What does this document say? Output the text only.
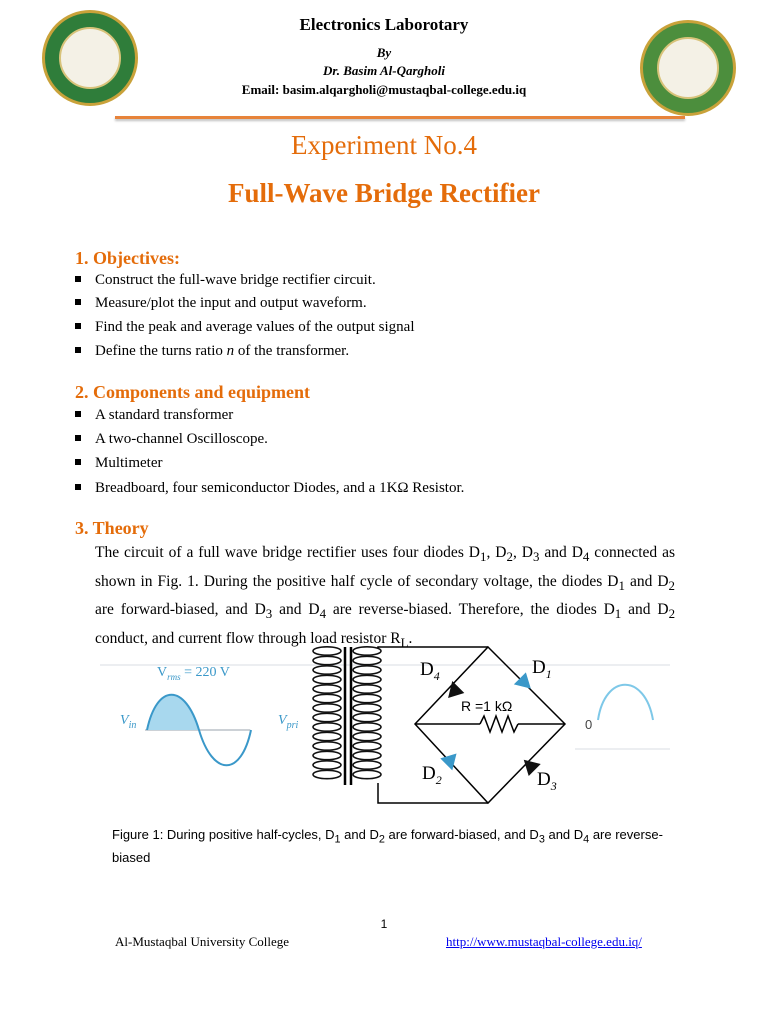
Electronics Laborotary
By
Dr. Basim Al-Qargholi
Email: basim.alqargholi@mustaqbal-college.edu.iq
Experiment No.4
Full-Wave Bridge Rectifier
1. Objectives:
Construct the full-wave bridge rectifier circuit.
Measure/plot the input and output waveform.
Find the peak and average values of the output signal
Define the turns ratio n of the transformer.
2. Components and equipment
A standard transformer
A two-channel Oscilloscope.
Multimeter
Breadboard, four semiconductor Diodes, and a 1KΩ Resistor.
3. Theory
The circuit of a full wave bridge rectifier uses four diodes $D_1$, $D_2$, $D_3$ and $D_4$ connected as shown in Fig. 1. During the positive half cycle of secondary voltage, the diodes $D_1$ and $D_2$ are forward-biased, and $D_3$ and $D_4$ are reverse-biased. Therefore, the diodes $D_1$ and $D_2$ conduct, and current flow through load resistor $R_L$.
$V_{in}$
$V_{rms} = 220$ V
$V_{pri}$
R =1 kΩ
$D_4$	$D_1$
$D_2$	$D_3$
0
Figure 1: During positive half-cycles, $D_1$ and $D_2$ are forward-biased, and $D_3$ and $D_4$ are reverse-biased
1
Al-Mustaqbal University College	http://www.mustaqbal-college.edu.iq/
